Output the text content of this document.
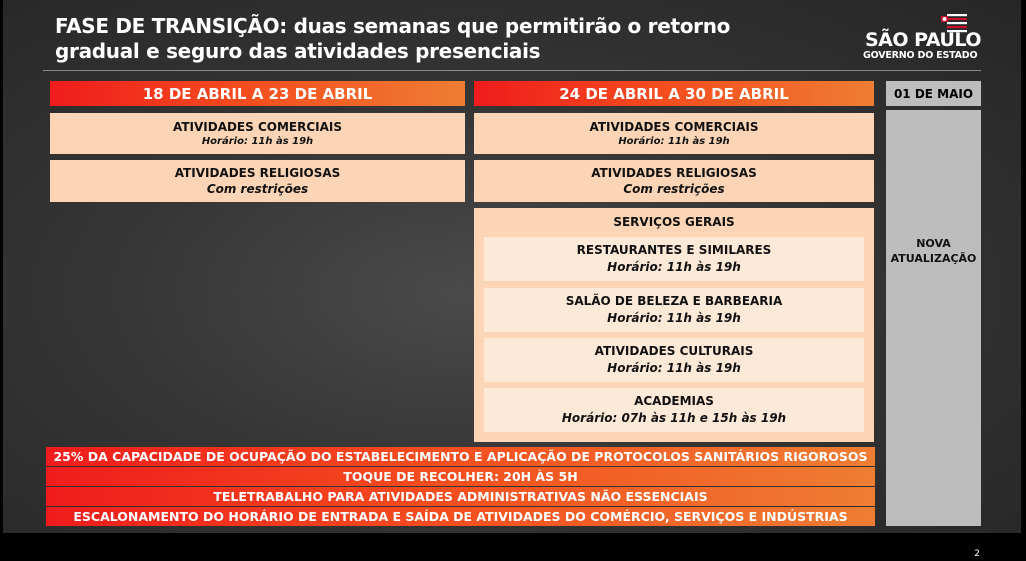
FASE DE TRANSIÇÃO: duas semanas que permitirão o retorno gradual e seguro das atividades presenciais	SÃO PAULO
GOVERNO DO ESTADO
18 DE ABRIL A 23 DE ABRIL
ATIVIDADES COMERCIAIS
Horário: 11h às 19h
ATIVIDADES RELIGIOSAS
Com restrições
24 DE ABRIL A 30 DE ABRIL
ATIVIDADES COMERCIAIS
Horário: 11h às 19h
ATIVIDADES RELIGIOSAS
Com restrições
SERVIÇOS GERAIS
RESTAURANTES E SIMILARES
Horário: 11h às 19h
SALÃO DE BELEZA E BARBEARIA
Horário: 11h às 19h
ATIVIDADES CULTURAIS
Horário: 11h às 19h
ACADEMIAS
Horário: 07h às 11h e 15h às 19h
01 DE MAIO
NOVA
ATUALIZAÇÃO
25% DA CAPACIDADE DE OCUPAÇÃO DO ESTABELECIMENTO E APLICAÇÃO DE PROTOCOLOS SANITÁRIOS RIGOROSOS
TOQUE DE RECOLHER: 20H ÀS 5H
TELETRABALHO PARA ATIVIDADES ADMINISTRATIVAS NÃO ESSENCIAIS
ESCALONAMENTO DO HORÁRIO DE ENTRADA E SAÍDA DE ATIVIDADES DO COMÉRCIO, SERVIÇOS E INDÚSTRIAS
2
